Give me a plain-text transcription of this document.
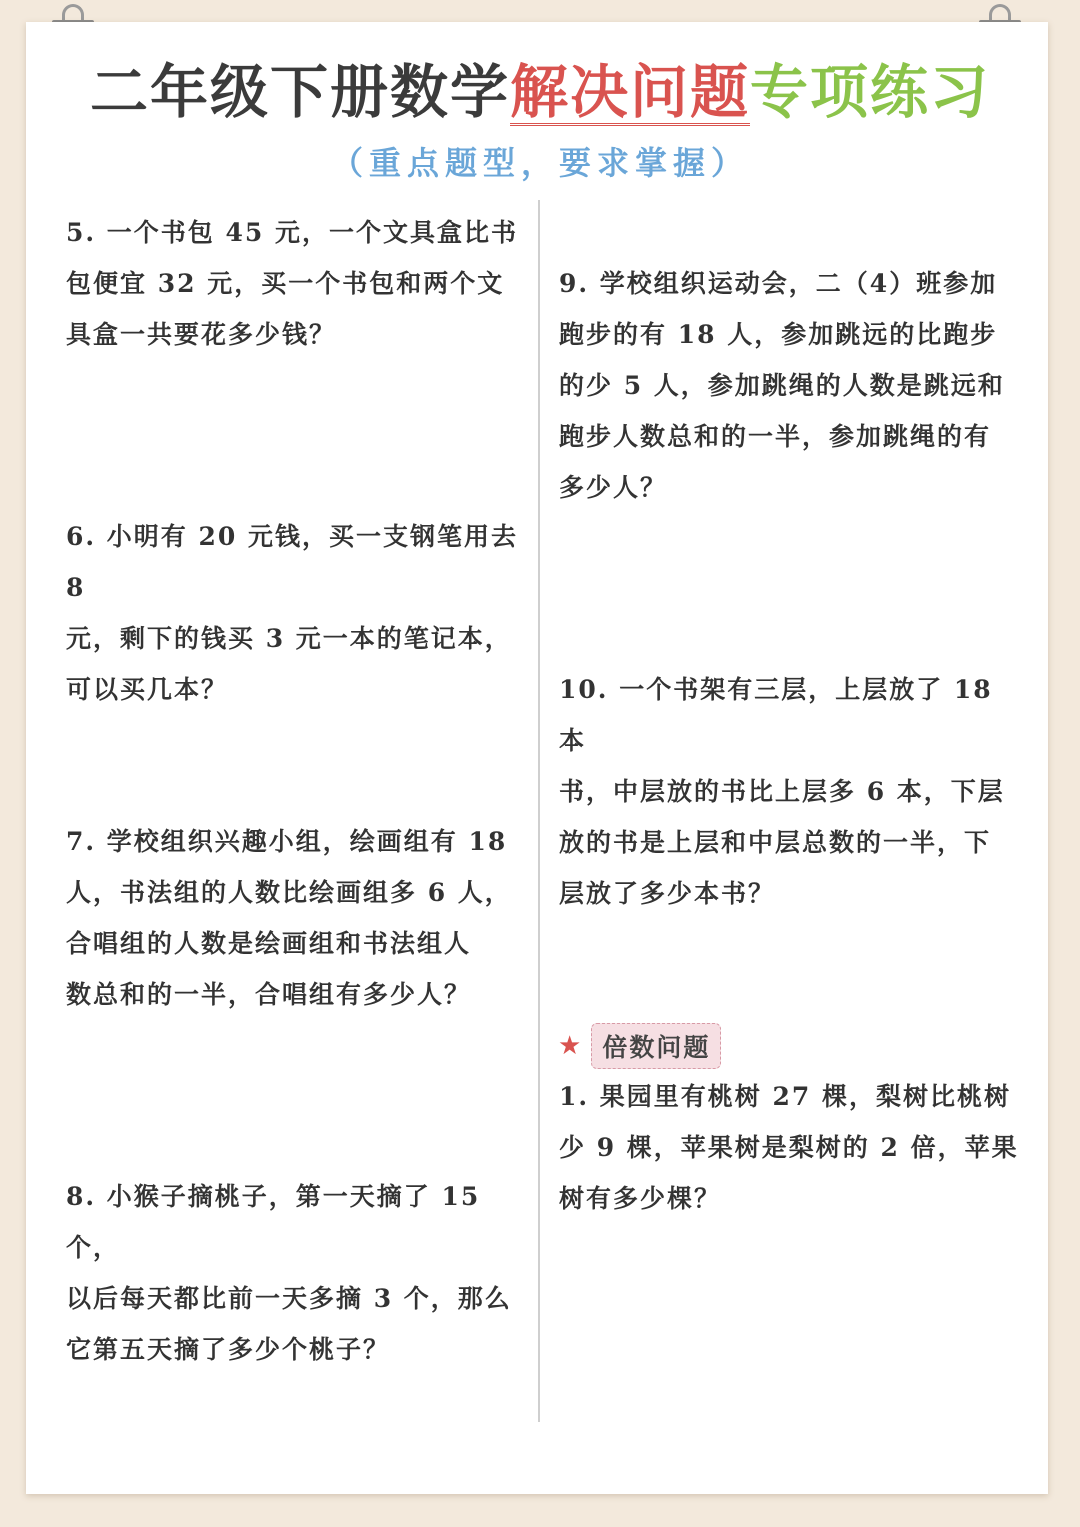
二年级下册数学解决问题专项练习
（重点题型，要求掌握）

5. 一个书包 45 元，一个文具盒比书

包便宜 32 元，买一个书包和两个文

具盒一共要花多少钱？

6. 小明有 20 元钱，买一支钢笔用去 8

元，剩下的钱买 3 元一本的笔记本，

可以买几本？

7. 学校组织兴趣小组，绘画组有 18

人，书法组的人数比绘画组多 6 人，

合唱组的人数是绘画组和书法组人

数总和的一半，合唱组有多少人？

8. 小猴子摘桃子，第一天摘了 15 个，

以后每天都比前一天多摘 3 个，那么

它第五天摘了多少个桃子？

9. 学校组织运动会，二（4）班参加

跑步的有 18 人，参加跳远的比跑步

的少 5 人，参加跳绳的人数是跳远和

跑步人数总和的一半，参加跳绳的有

多少人？

10. 一个书架有三层，上层放了 18 本

书，中层放的书比上层多 6 本，下层

放的书是上层和中层总数的一半，下

层放了多少本书？

★ 倍数问题

1. 果园里有桃树 27 棵，梨树比桃树

少 9 棵，苹果树是梨树的 2 倍，苹果

树有多少棵？
